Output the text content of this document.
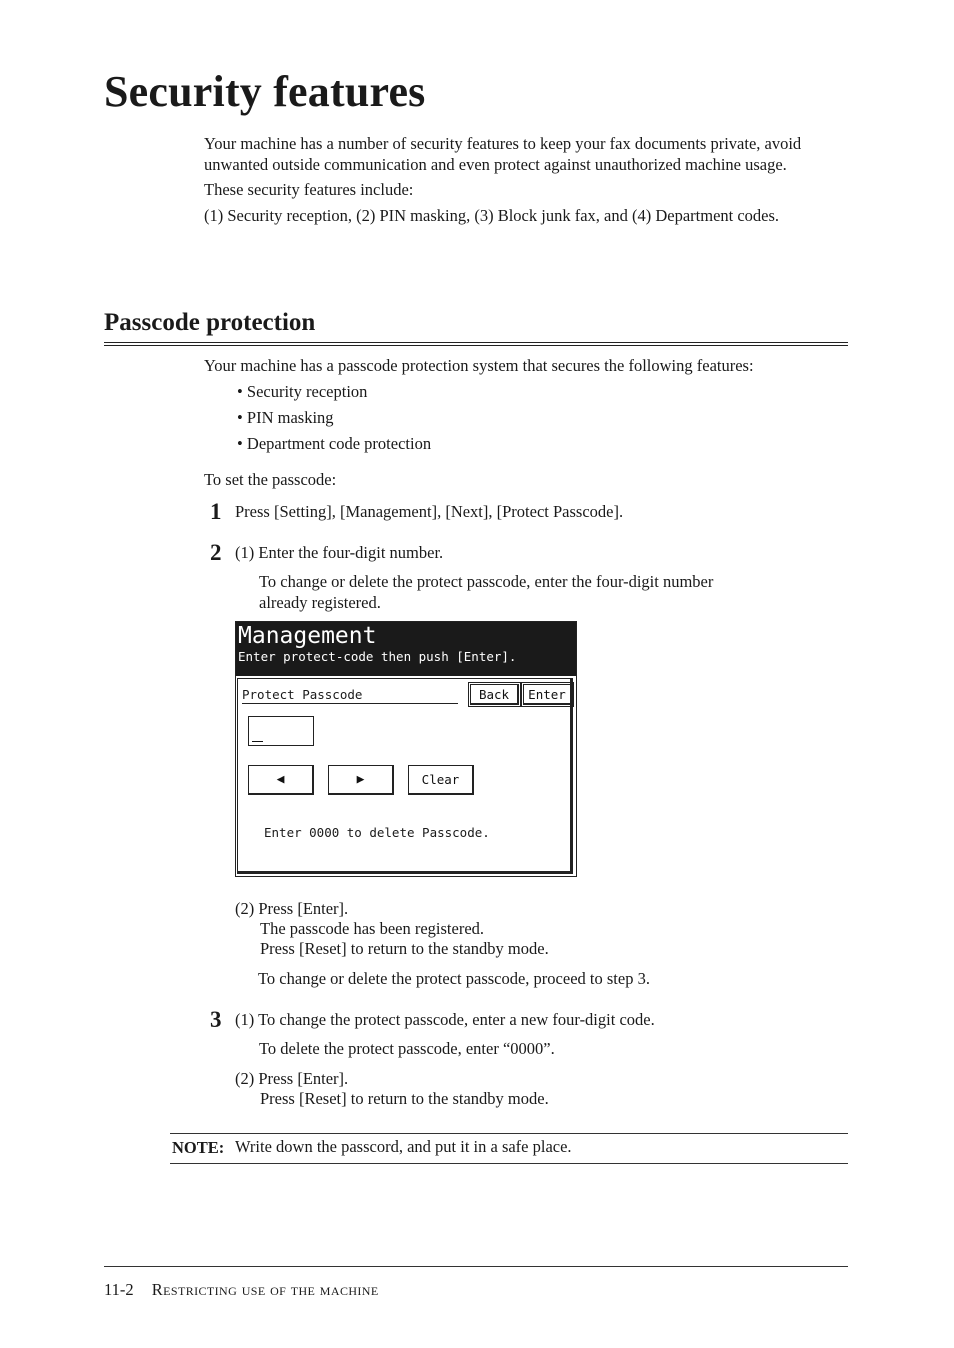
Security features

Your machine has a number of security features to keep your fax documents private, avoid unwanted outside communication and even protect against unauthorized machine usage.

These security features include:

(1) Security reception, (2) PIN masking, (3) Block junk fax, and (4) Department codes.

Passcode protection
Your machine has a passcode protection system that secures the following features:
• Security reception
• PIN masking
• Department code protection
To set the passcode:
1 Press [Setting], [Management], [Next], [Protect Passcode].
2 (1) Enter the four-digit number.
To change or delete the protect passcode, enter the four-digit number
already registered.
Management
Enter protect-code then push [Enter].
Protect Passcode	Back	Enter
◀	▶	Clear
Enter 0000 to delete Passcode.
(2) Press [Enter].
The passcode has been registered.
Press [Reset] to return to the standby mode.
To change or delete the protect passcode, proceed to step 3.
3 (1) To change the protect passcode, enter a new four-digit code.
To delete the protect passcode, enter “0000”.
(2) Press [Enter].
Press [Reset] to return to the standby mode.
NOTE: Write down the passcord, and put it in a safe place.
11-2 Restricting use of the machine
